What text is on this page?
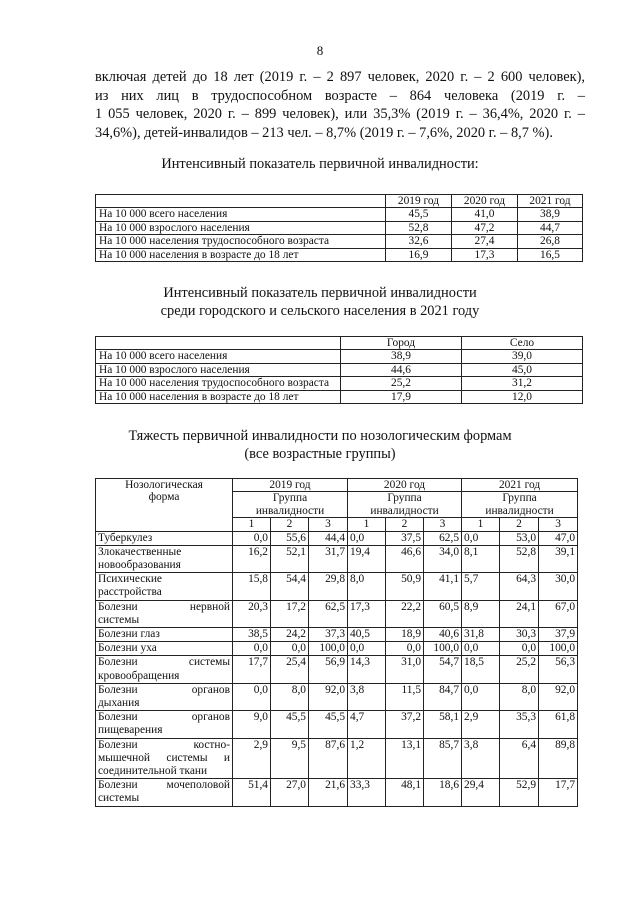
8
включая детей до 18 лет (2019 г. – 2 897 человек, 2020 г. – 2 600 человек),
из них лиц в трудоспособном возрасте – 864 человека (2019 г. –
1 055 человек, 2020 г. – 899 человек), или 35,3% (2019 г. – 36,4%, 2020 г. –
34,6%), детей-инвалидов – 213 чел. – 8,7% (2019 г. – 7,6%, 2020 г. – 8,7 %).
Интенсивный показатель первичной инвалидности:
	2019 год	2020 год	2021 год
На 10 000 всего населения	45,5	41,0	38,9
На 10 000 взрослого населения	52,8	47,2	44,7
На 10 000 населения трудоспособного возраста	32,6	27,4	26,8
На 10 000 населения в возрасте до 18 лет	16,9	17,3	16,5
Интенсивный показатель первичной инвалидности
среди городского и сельского населения в 2021 году
	Город	Село
На 10 000 всего населения	38,9	39,0
На 10 000 взрослого населения	44,6	45,0
На 10 000 населения трудоспособного возраста	25,2	31,2
На 10 000 населения в возрасте до 18 лет	17,9	12,0
Тяжесть первичной инвалидности по нозологическим формам
(все возрастные группы)
Нозологическая
форма	2019 год			2020 год			2021 год		

	Группа
инвалидности			Группа
инвалидности			Группа
инвалидности		

	1	2	3	1	2	3	1	2	3

Туберкулез	0,0	55,6	44,4	0,0	37,5	62,5	0,0	53,0	47,0

Злокачественные
новообразования	16,2	52,1	31,7	19,4	46,6	34,0	8,1	52,8	39,1

Психические
расстройства	15,8	54,4	29,8	8,0	50,9	41,1	5,7	64,3	30,0

Болезни нервной
системы	20,3	17,2	62,5	17,3	22,2	60,5	8,9	24,1	67,0

Болезни глаз	38,5	24,2	37,3	40,5	18,9	40,6	31,8	30,3	37,9

Болезни уха	0,0	0,0	100,0	0,0	0,0	100,0	0,0	0,0	100,0

Болезни системы
кровообращения	17,7	25,4	56,9	14,3	31,0	54,7	18,5	25,2	56,3

Болезни органов
дыхания	0,0	8,0	92,0	3,8	11,5	84,7	0,0	8,0	92,0

Болезни органов
пищеварения	9,0	45,5	45,5	4,7	37,2	58,1	2,9	35,3	61,8

Болезни костно-
мышечной системы и
соединительной ткани	2,9	9,5	87,6	1,2	13,1	85,7	3,8	6,4	89,8

Болезни мочеполовой
системы	51,4	27,0	21,6	33,3	48,1	18,6	29,4	52,9	17,7
